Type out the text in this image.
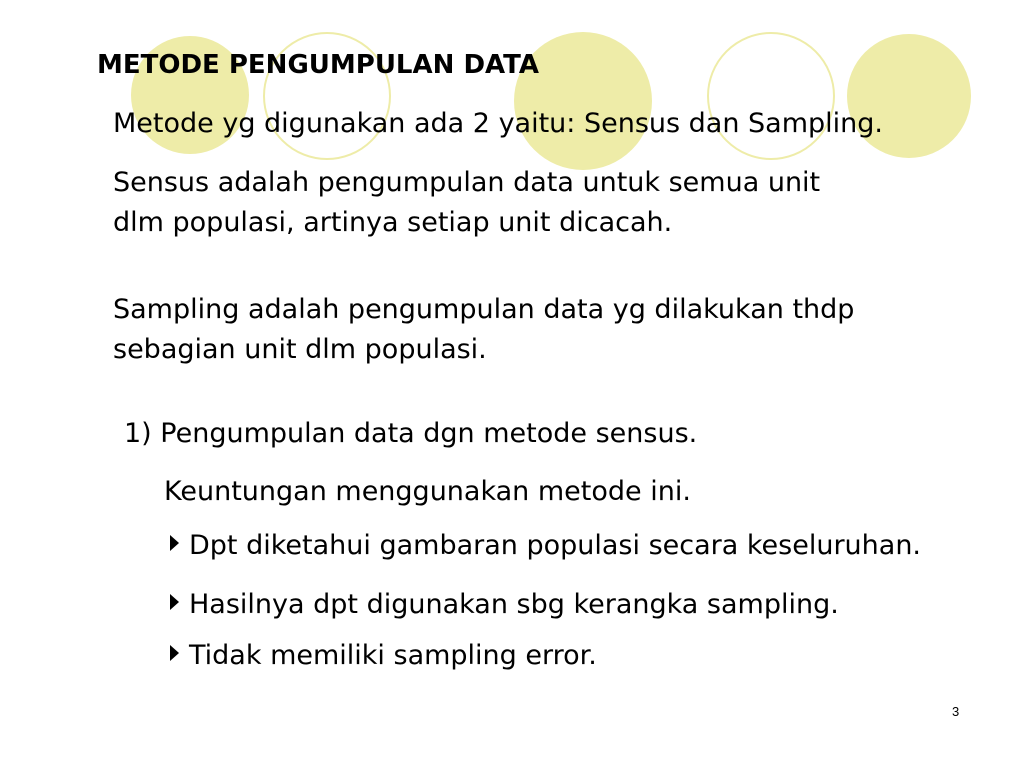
METODE PENGUMPULAN DATA
Metode yg digunakan ada 2 yaitu: Sensus dan Sampling.
Sensus adalah pengumpulan data untuk semua unit
dlm populasi, artinya setiap unit dicacah.
Sampling adalah pengumpulan data yg dilakukan thdp
sebagian unit dlm populasi.
1) Pengumpulan data dgn metode sensus.
Keuntungan menggunakan metode ini.
Dpt diketahui gambaran populasi secara keseluruhan.
Hasilnya dpt digunakan sbg kerangka sampling.
Tidak memiliki sampling error.
3
